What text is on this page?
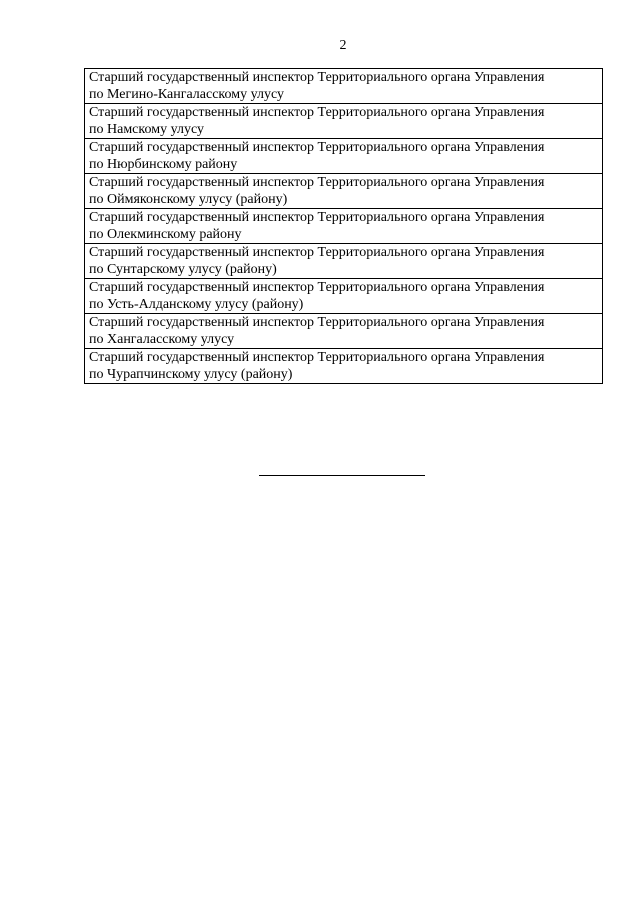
2
Старший государственный инспектор Территориального органа Управления
по Мегино-Кангаласскому улусу

Старший государственный инспектор Территориального органа Управления
по Намскому улусу

Старший государственный инспектор Территориального органа Управления
по Нюрбинскому району

Старший государственный инспектор Территориального органа Управления
по Оймяконскому улусу (району)

Старший государственный инспектор Территориального органа Управления
по Олекминскому району

Старший государственный инспектор Территориального органа Управления
по Сунтарскому улусу (району)

Старший государственный инспектор Территориального органа Управления
по Усть-Алданскому улусу (району)

Старший государственный инспектор Территориального органа Управления
по Хангаласскому улусу

Старший государственный инспектор Территориального органа Управления
по Чурапчинскому улусу (району)
